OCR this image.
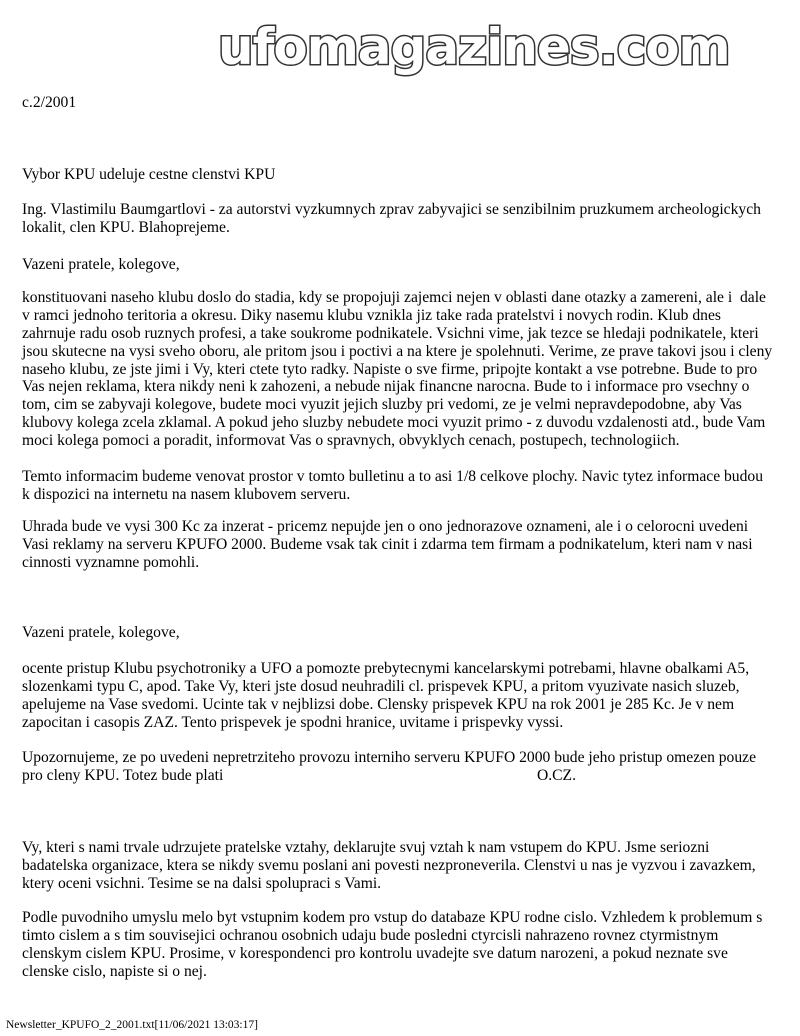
c.2/2001
Vybor KPU udeluje cestne clenstvi KPU
Ing. Vlastimilu Baumgartlovi - za autorstvi vyzkumnych zprav zabyvajici se senzibilnim pruzkumem archeologickych
lokalit, clen KPU. Blahoprejeme.
Vazeni pratele, kolegove,
konstituovani naseho klubu doslo do stadia, kdy se propojuji zajemci nejen v oblasti dane otazky a zamereni, ale i  dale
v ramci jednoho teritoria a okresu. Diky nasemu klubu vznikla jiz take rada pratelstvi i novych rodin. Klub dnes
zahrnuje radu osob ruznych profesi, a take soukrome podnikatele. Vsichni vime, jak tezce se hledaji podnikatele, kteri
jsou skutecne na vysi sveho oboru, ale pritom jsou i poctivi a na ktere je spolehnuti. Verime, ze prave takovi jsou i cleny
naseho klubu, ze jste jimi i Vy, kteri ctete tyto radky. Napiste o sve firme, pripojte kontakt a vse potrebne. Bude to pro
Vas nejen reklama, ktera nikdy neni k zahozeni, a nebude nijak financne narocna. Bude to i informace pro vsechny o
tom, cim se zabyvaji kolegove, budete moci vyuzit jejich sluzby pri vedomi, ze je velmi nepravdepodobne, aby Vas
klubovy kolega zcela zklamal. A pokud jeho sluzby nebudete moci vyuzit primo - z duvodu vzdalenosti atd., bude Vam
moci kolega pomoci a poradit, informovat Vas o spravnych, obvyklych cenach, postupech, technologiich.
Temto informacim budeme venovat prostor v tomto bulletinu a to asi 1/8 celkove plochy. Navic tytez informace budou
k dispozici na internetu na nasem klubovem serveru.
Uhrada bude ve vysi 300 Kc za inzerat - pricemz nepujde jen o ono jednorazove oznameni, ale i o celorocni uvedeni
Vasi reklamy na serveru KPUFO 2000. Budeme vsak tak cinit i zdarma tem firmam a podnikatelum, kteri nam v nasi
cinnosti vyznamne pomohli.
Vazeni pratele, kolegove,
ocente pristup Klubu psychotroniky a UFO a pomozte prebytecnymi kancelarskymi potrebami, hlavne obalkami A5,
slozenkami typu C, apod. Take Vy, kteri jste dosud neuhradili cl. prispevek KPU, a pritom vyuzivate nasich sluzeb,
apelujeme na Vase svedomi. Ucinte tak v nejblizsi dobe. Clensky prispevek KPU na rok 2001 je 285 Kc. Je v nem
zapocitan i casopis ZAZ. Tento prispevek je spodni hranice, uvitame i prispevky vyssi.
Upozornujeme, ze po uvedeni nepretrziteho provozu interniho serveru KPUFO 2000 bude jeho pristup omezen pouze
pro cleny KPU. Totez bude plati
Vy, kteri s nami trvale udrzujete pratelske vztahy, deklarujte svuj vztah k nam vstupem do KPU. Jsme seriozni
badatelska organizace, ktera se nikdy svemu poslani ani povesti nezproneverila. Clenstvi u nas je vyzvou i zavazkem,
ktery oceni vsichni. Tesime se na dalsi spolupraci s Vami.
Podle puvodniho umyslu melo byt vstupnim kodem pro vstup do databaze KPU rodne cislo. Vzhledem k problemum s
timto cislem a s tim souvisejici ochranou osobnich udaju bude posledni ctyrcisli nahrazeno rovnez ctyrmistnym
clenskym cislem KPU. Prosime, v korespondenci pro kontrolu uvadejte sve datum narozeni, a pokud neznate sve
clenske cislo, napiste si o nej.
O.CZ.
ufomagazines.com
Newsletter_KPUFO_2_2001.txt[11/06/2021 13:03:17]
